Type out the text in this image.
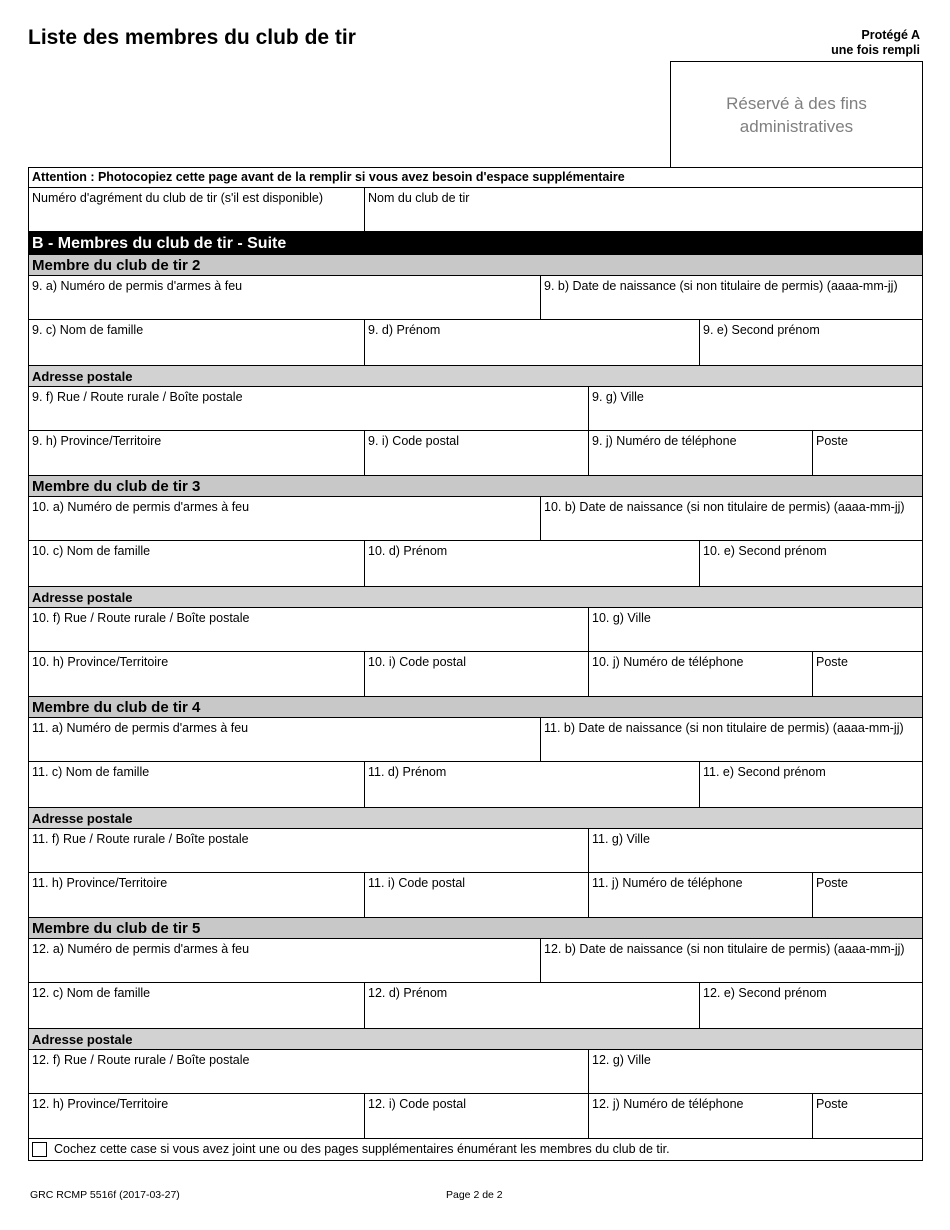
Liste des membres du club de tir	Protégé A
une fois rempli
Réservé à des fins
administratives
Attention : Photocopiez cette page avant de la remplir si vous avez besoin d'espace supplémentaire
Numéro d'agrément du club de tir (s'il est disponible)	Nom du club de tir
B - Membres du club de tir - Suite
Membre du club de tir 2
9. a) Numéro de permis d'armes à feu	9. b) Date de naissance (si non titulaire de permis) (aaaa-mm-jj)
9. c) Nom de famille	9. d) Prénom	9. e) Second prénom
Adresse postale
9. f) Rue / Route rurale / Boîte postale	9. g) Ville
9. h) Province/Territoire	9. i) Code postal	9. j) Numéro de téléphone	Poste
Membre du club de tir 3
10. a) Numéro de permis d'armes à feu	10. b) Date de naissance (si non titulaire de permis) (aaaa-mm-jj)
10. c) Nom de famille	10. d) Prénom	10. e) Second prénom
Adresse postale
10. f) Rue / Route rurale / Boîte postale	10. g) Ville
10. h) Province/Territoire	10. i) Code postal	10. j) Numéro de téléphone	Poste
Membre du club de tir 4
11. a) Numéro de permis d'armes à feu	11. b) Date de naissance (si non titulaire de permis) (aaaa-mm-jj)
11. c) Nom de famille	11. d) Prénom	11. e) Second prénom
Adresse postale
11. f) Rue / Route rurale / Boîte postale	11. g) Ville
11. h) Province/Territoire	11. i) Code postal	11. j) Numéro de téléphone	Poste
Membre du club de tir 5
12. a) Numéro de permis d'armes à feu	12. b) Date de naissance (si non titulaire de permis) (aaaa-mm-jj)
12. c) Nom de famille	12. d) Prénom	12. e) Second prénom
Adresse postale
12. f) Rue / Route rurale / Boîte postale	12. g) Ville
12. h) Province/Territoire	12. i) Code postal	12. j) Numéro de téléphone	Poste
Cochez cette case si vous avez joint une ou des pages supplémentaires énumérant les membres du club de tir.
GRC RCMP 5516f (2017-03-27)	Page 2 de 2
